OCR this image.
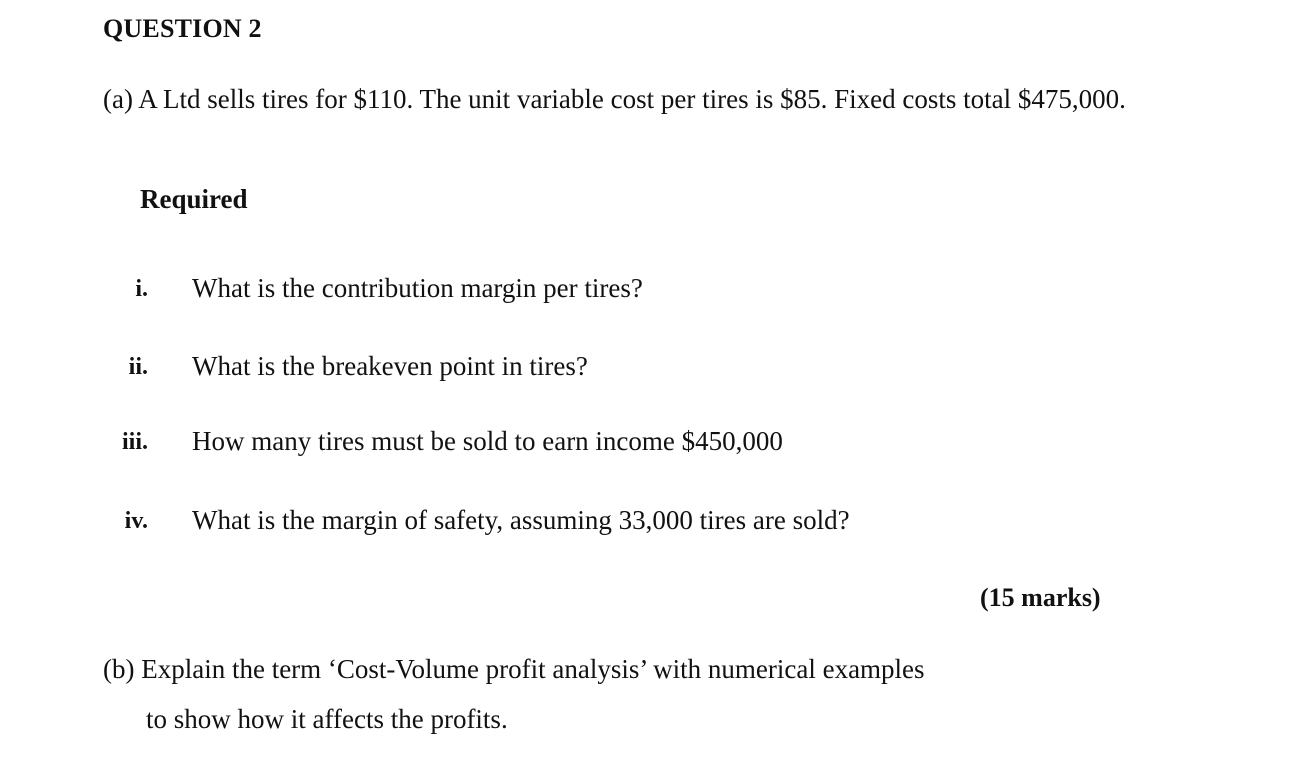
QUESTION 2

(a) A Ltd sells tires for $110. The unit variable cost per tires is $85. Fixed costs total $475,000.

Required

i. What is the contribution margin per tires?
ii. What is the breakeven point in tires?
iii. How many tires must be sold to earn income $450,000
iv. What is the margin of safety, assuming 33,000 tires are sold?
(15 marks)

(b) Explain the term ‘Cost-Volume profit analysis’ with numerical examples

to show how it affects the profits.
